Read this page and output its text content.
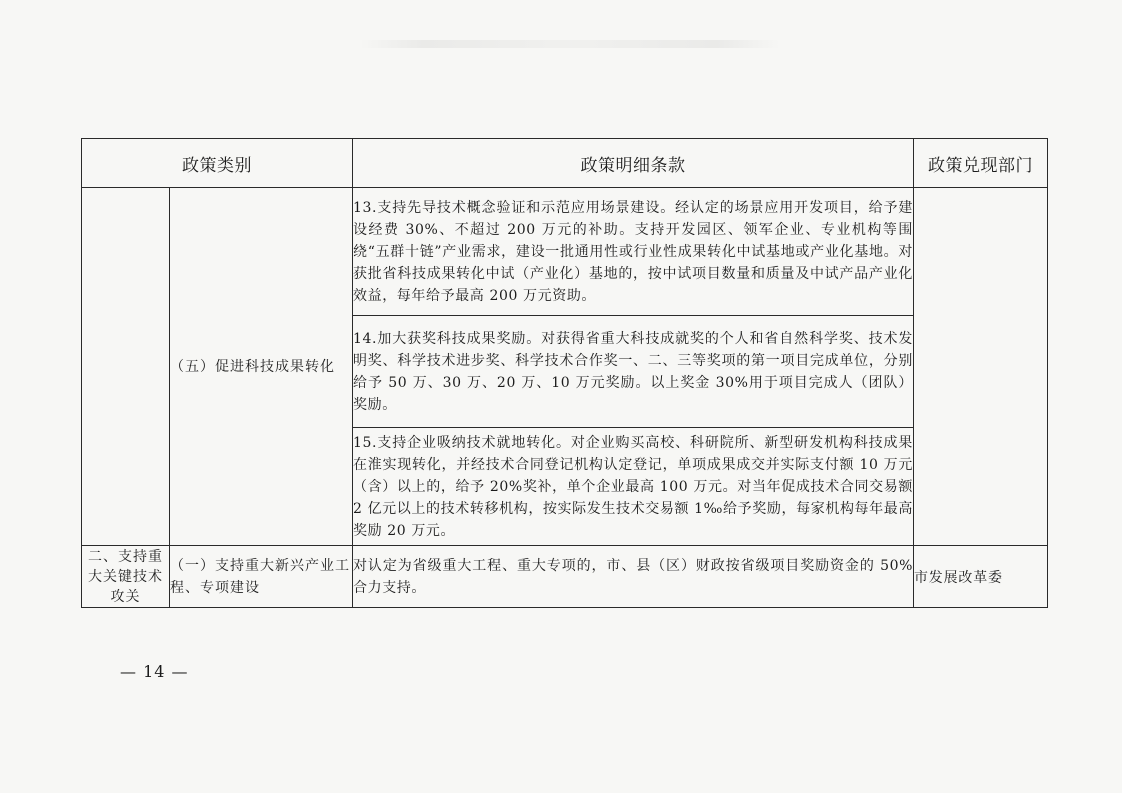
政策类别		政策明细条款	政策兑现部门
	（五）促进科技成果转化	13.支持先导技术概念验证和示范应用场景建设。经认定的场景应用开发项目，给予建设经费 30%、不超过 200 万元的补助。支持开发园区、领军企业、专业机构等围绕“五群十链”产业需求，建设一批通用性或行业性成果转化中试基地或产业化基地。对获批省科技成果转化中试（产业化）基地的，按中试项目数量和质量及中试产品产业化效益，每年给予最高 200 万元资助。	
		14.加大获奖科技成果奖励。对获得省重大科技成就奖的个人和省自然科学奖、技术发明奖、科学技术进步奖、科学技术合作奖一、二、三等奖项的第一项目完成单位，分别给予 50 万、30 万、20 万、10 万元奖励。以上奖金 30%用于项目完成人（团队）奖励。	
		15.支持企业吸纳技术就地转化。对企业购买高校、科研院所、新型研发机构科技成果在淮实现转化，并经技术合同登记机构认定登记，单项成果成交并实际支付额 10 万元（含）以上的，给予 20%奖补，单个企业最高 100 万元。对当年促成技术合同交易额 2 亿元以上的技术转移机构，按实际发生技术交易额 1‰给予奖励，每家机构每年最高奖励 20 万元。	
二、支持重大关键技术攻关	（一）支持重大新兴产业工程、专项建设	对认定为省级重大工程、重大专项的，市、县（区）财政按省级项目奖励资金的 50%合力支持。	市发展改革委
— 14 —
